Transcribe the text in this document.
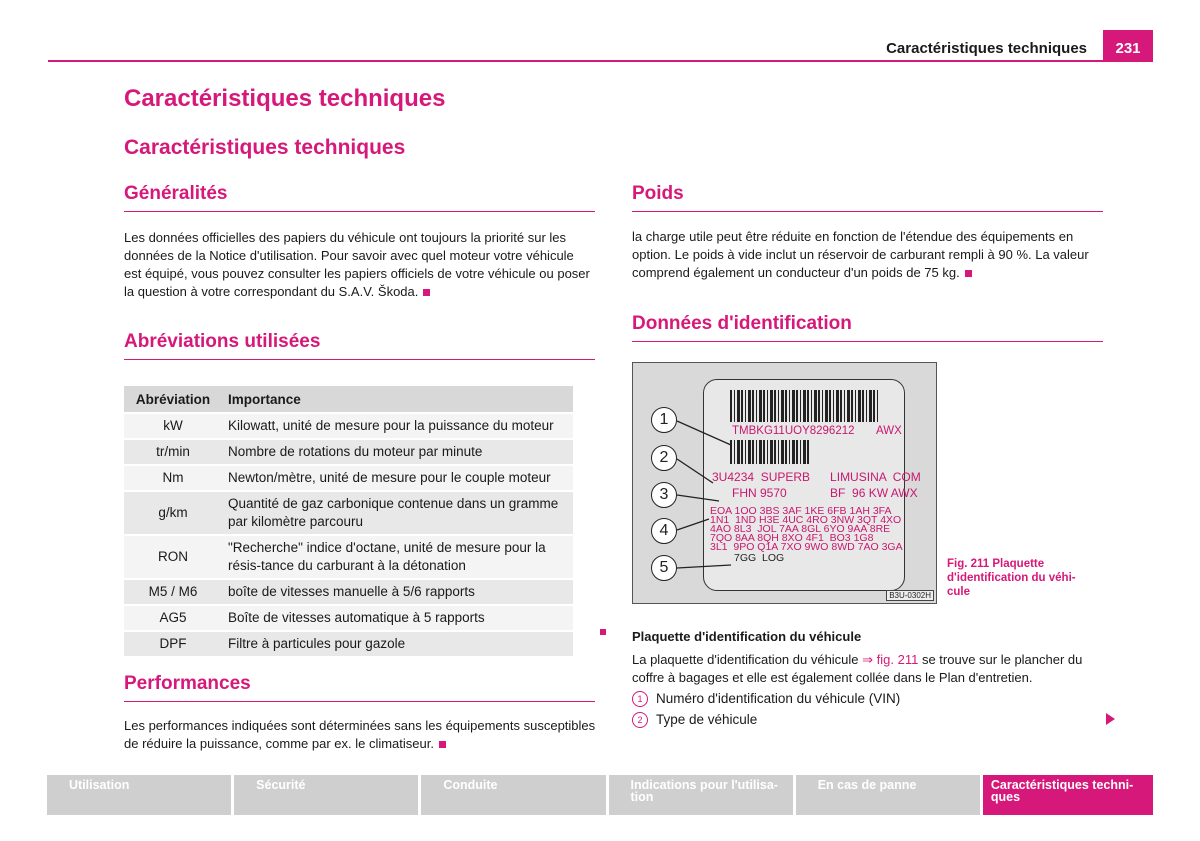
Caractéristiques techniques	231
Caractéristiques techniques
Caractéristiques techniques
Généralités

Les données officielles des papiers du véhicule ont toujours la priorité sur les données de la Notice d'utilisation. Pour savoir avec quel moteur votre véhicule est équipé, vous pouvez consulter les papiers officiels de votre véhicule ou poser la question à votre correspondant du S.A.V. Škoda.

Abréviations utilisées
Abréviation	Importance
kW	Kilowatt, unité de mesure pour la puissance du moteur
tr/min	Nombre de rotations du moteur par minute
Nm	Newton/mètre, unité de mesure pour le couple moteur
g/km	Quantité de gaz carbonique contenue dans un gramme par kilomètre parcouru
RON	"Recherche" indice d'octane, unité de mesure pour la résis-tance du carburant à la détonation
M5 / M6	boîte de vitesses manuelle à 5/6 rapports
AG5	Boîte de vitesses automatique à 5 rapports
DPF	Filtre à particules pour gazole
Performances

Les performances indiquées sont déterminées sans les équipements susceptibles de réduire la puissance, comme par ex. le climatiseur.

Poids

la charge utile peut être réduite en fonction de l'étendue des équipements en option. Le poids à vide inclut un réservoir de carburant rempli à 90 %. La valeur comprend également un conducteur d'un poids de 75 kg.

Données d'identification
TMBKG11UOY8296212 AWX
3U4234  SUPERB      LIMUSINA  COM
FHN 9570             BF  96 KW AWX
EOA 1OO 3BS 3AF 1KE 6FB 1AH 3FA
1N1  1ND H3E 4UC 4RO 3NW 3QT 4XO
4AO 8L3  JOL 7AA 8GL 6YO 9AA 8RE
7QO 8AA 8QH 8XO 4F1  BO3 1G8
3L1  9PO Q1A 7XO 9WO 8WD 7AO 3GA
7GG  LOG
1
2
3
4
5
B3U-0302H
Fig. 211 Plaquette d'identification du véhi-cule

Plaquette d'identification du véhicule

La plaquette d'identification du véhicule ⇒ fig. 211 se trouve sur le plancher du coffre à bagages et elle est également collée dans le Plan d'entretien.

1 Numéro d'identification du véhicule (VIN)
2 Type de véhicule
Utilisation	Sécurité	Conduite	Indications pour l'utilisa-tion
En cas de panne	Caractéristiques techni-ques
